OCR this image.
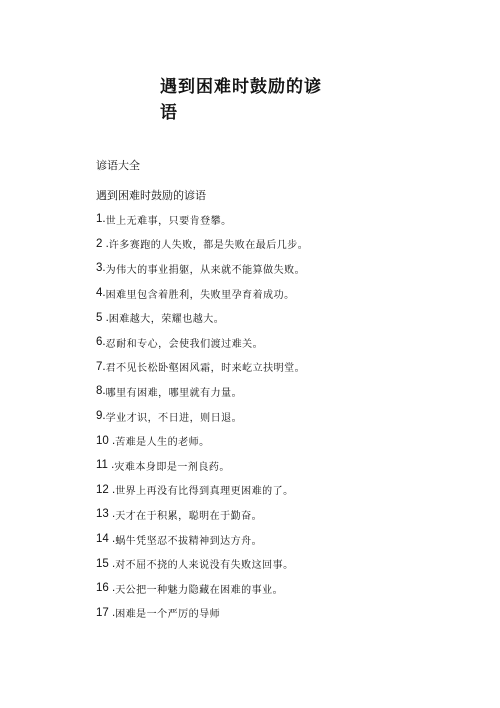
遇到困难时鼓励的谚语

谚语大全

遇到困难时鼓励的谚语

1. 世上无难事，只要肯登攀。
2 . 许多赛跑的人失败，都是失败在最后几步。
3. 为伟大的事业捐躯，从来就不能算做失败。
4. 困难里包含着胜利，失败里孕育着成功。
5 . 困难越大，荣耀也越大。
6. 忍耐和专心，会使我们渡过难关。
7. 君不见长松卧壑困风霜，时来屹立扶明堂。
8. 哪里有困难，哪里就有力量。
9. 学业才识，不日进，则日退。
10 . 苦难是人生的老师。
11 . 灾难本身即是一剂良药。
12 . 世界上再没有比得到真理更困难的了。
13 . 天才在于积累，聪明在于勤奋。
14 . 蜗牛凭坚忍不拔精神到达方舟。
15 . 对不屈不挠的人来说没有失败这回事。
16 . 天公把一种魅力隐藏在困难的事业。
17 . 困难是一个严厉的导师
